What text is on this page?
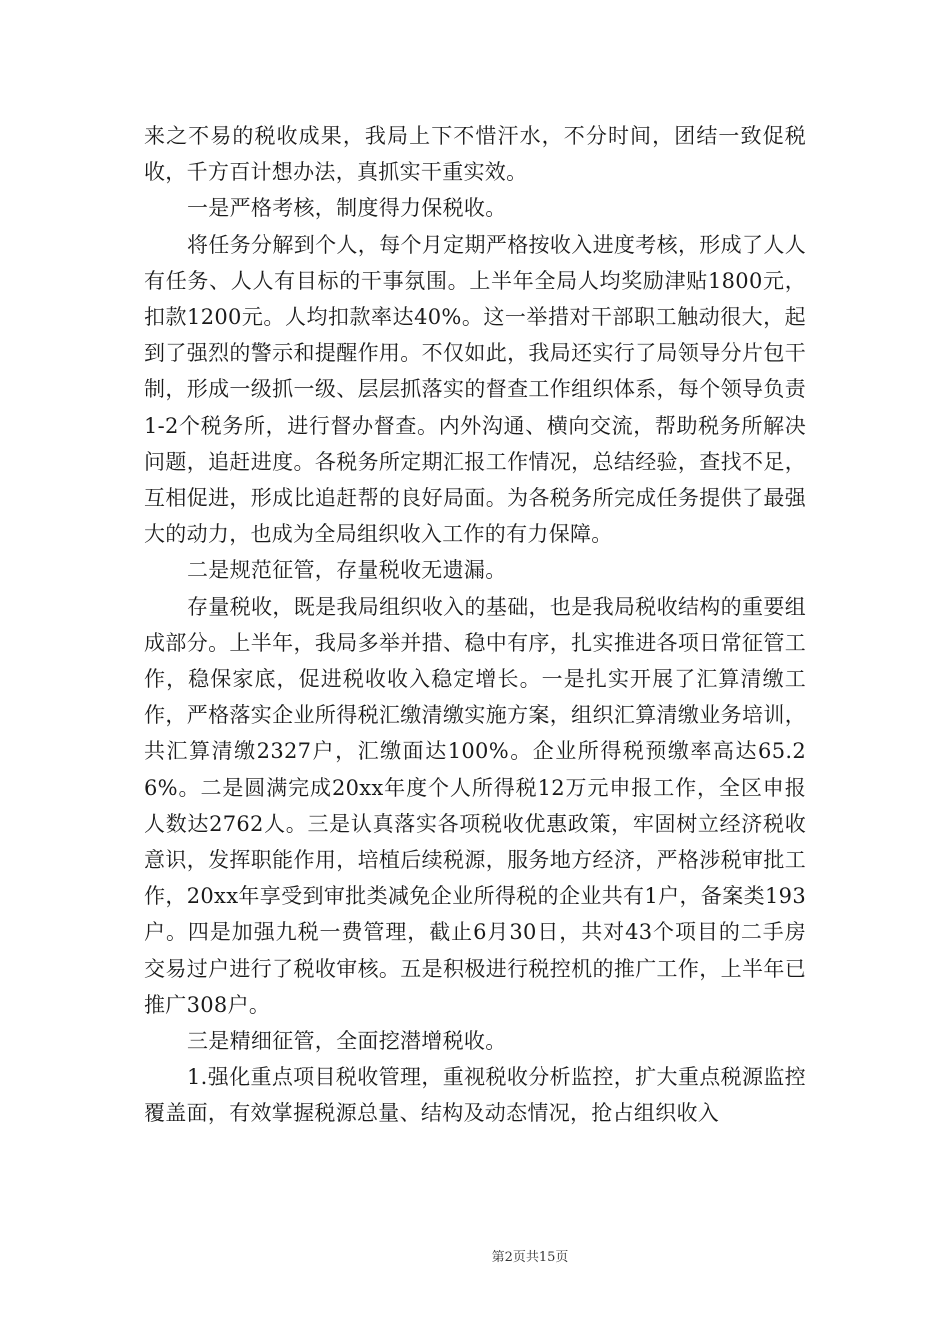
来之不易的税收成果，我局上下不惜汗水，不分时间，团结一致促税收，千方百计想办法，真抓实干重实效。

一是严格考核，制度得力保税收。

将任务分解到个人，每个月定期严格按收入进度考核，形成了人人有任务、人人有目标的干事氛围。上半年全局人均奖励津贴1800元，扣款1200元。人均扣款率达40%。这一举措对干部职工触动很大，起到了强烈的警示和提醒作用。不仅如此，我局还实行了局领导分片包干制，形成一级抓一级、层层抓落实的督查工作组织体系，每个领导负责1-2个税务所，进行督办督查。内外沟通、横向交流，帮助税务所解决问题，追赶进度。各税务所定期汇报工作情况，总结经验，查找不足，互相促进，形成比追赶帮的良好局面。为各税务所完成任务提供了最强大的动力，也成为全局组织收入工作的有力保障。

二是规范征管，存量税收无遗漏。

存量税收，既是我局组织收入的基础，也是我局税收结构的重要组成部分。上半年，我局多举并措、稳中有序，扎实推进各项日常征管工作，稳保家底，促进税收收入稳定增长。一是扎实开展了汇算清缴工作，严格落实企业所得税汇缴清缴实施方案，组织汇算清缴业务培训，共汇算清缴2327户，汇缴面达100%。企业所得税预缴率高达65.26%。二是圆满完成20xx年度个人所得税12万元申报工作，全区申报人数达2762人。三是认真落实各项税收优惠政策，牢固树立经济税收意识，发挥职能作用，培植后续税源，服务地方经济，严格涉税审批工作，20xx年享受到审批类减免企业所得税的企业共有1户，备案类193户。四是加强九税一费管理，截止6月30日，共对43个项目的二手房交易过户进行了税收审核。五是积极进行税控机的推广工作，上半年已推广308户。

三是精细征管，全面挖潜增税收。

1.强化重点项目税收管理，重视税收分析监控，扩大重点税源监控覆盖面，有效掌握税源总量、结构及动态情况，抢占组织收入

第2页共15页
